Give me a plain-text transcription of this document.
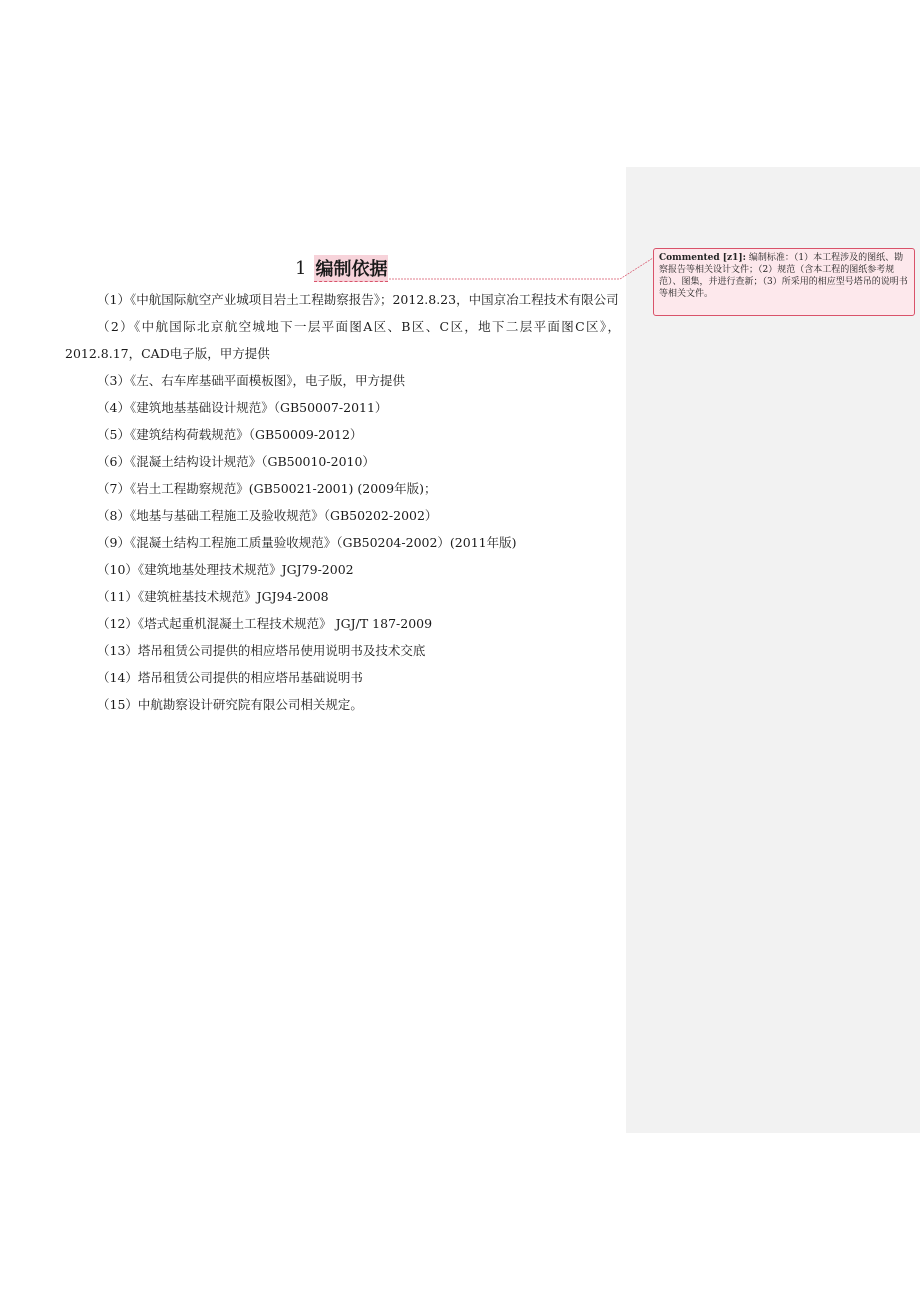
1 编制依据

（1）《中航国际航空产业城项目岩土工程勘察报告》；2012.8.23，中国京冶工程技术有限公司

（2）《中航国际北京航空城地下一层平面图A区、B区、C区，地下二层平面图C区》，2012.8.17，CAD电子版，甲方提供

（3）《左、右车库基础平面模板图》，电子版，甲方提供

（4）《建筑地基基础设计规范》（GB50007-2011）

（5）《建筑结构荷载规范》（GB50009-2012）

（6）《混凝土结构设计规范》（GB50010-2010）

（7）《岩土工程勘察规范》(GB50021-2001) (2009年版)；

（8）《地基与基础工程施工及验收规范》（GB50202-2002）

（9）《混凝土结构工程施工质量验收规范》（GB50204-2002）(2011年版)

（10）《建筑地基处理技术规范》JGJ79-2002

（11）《建筑桩基技术规范》JGJ94-2008

（12）《塔式起重机混凝土工程技术规范》 JGJ/T 187-2009

（13）塔吊租赁公司提供的相应塔吊使用说明书及技术交底

（14）塔吊租赁公司提供的相应塔吊基础说明书

（15）中航勘察设计研究院有限公司相关规定。

Commented [z1]: 编制标准：（1）本工程涉及的图纸、勘察报告等相关设计文件；（2）规范（含本工程的图纸参考规范）、图集，并进行查新；（3）所采用的相应型号塔吊的说明书等相关文件。
